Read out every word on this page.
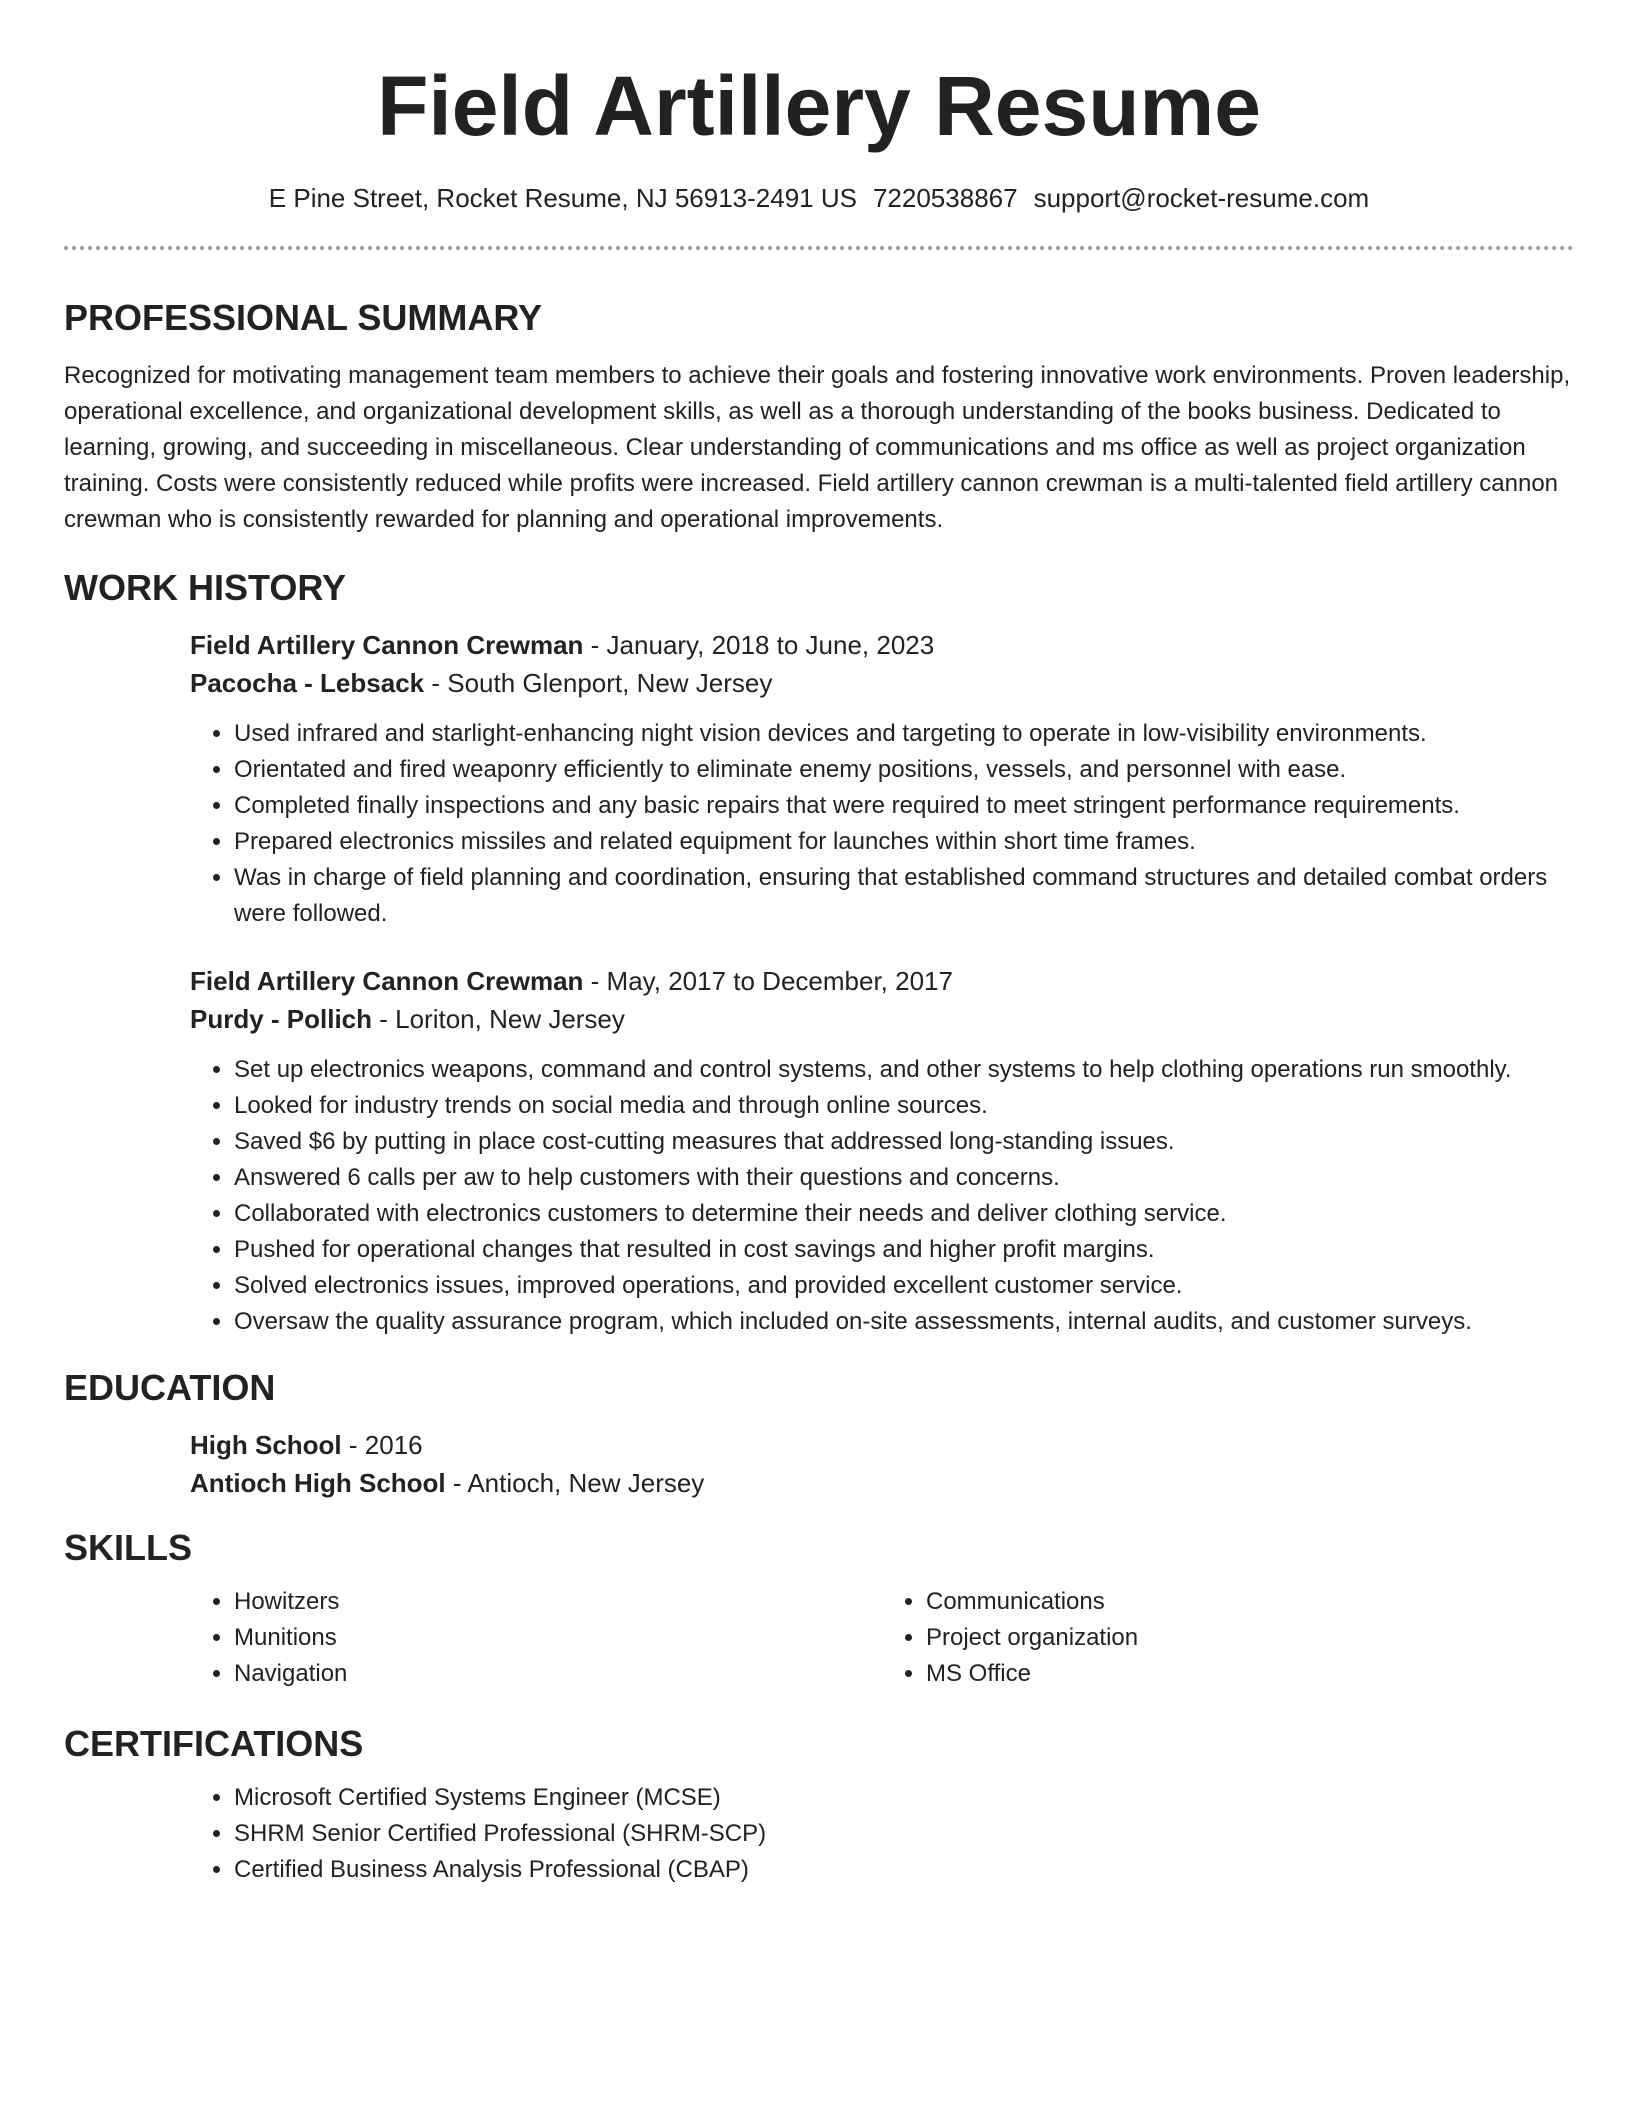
Field Artillery Resume
E Pine Street, Rocket Resume, NJ 56913-2491 US 7220538867 support@rocket-resume.com
PROFESSIONAL SUMMARY

Recognized for motivating management team members to achieve their goals and fostering innovative work environments. Proven leadership, operational excellence, and organizational development skills, as well as a thorough understanding of the books business. Dedicated to learning, growing, and succeeding in miscellaneous. Clear understanding of communications and ms office as well as project organization training. Costs were consistently reduced while profits were increased. Field artillery cannon crewman is a multi-talented field artillery cannon crewman who is consistently rewarded for planning and operational improvements.

WORK HISTORY
Field Artillery Cannon Crewman - January, 2018 to June, 2023
Pacocha - Lebsack - South Glenport, New Jersey
• Used infrared and starlight-enhancing night vision devices and targeting to operate in low-visibility environments.
• Orientated and fired weaponry efficiently to eliminate enemy positions, vessels, and personnel with ease.
• Completed finally inspections and any basic repairs that were required to meet stringent performance requirements.
• Prepared electronics missiles and related equipment for launches within short time frames.
• Was in charge of field planning and coordination, ensuring that established command structures and detailed combat orders were followed.
Field Artillery Cannon Crewman - May, 2017 to December, 2017
Purdy - Pollich - Loriton, New Jersey
• Set up electronics weapons, command and control systems, and other systems to help clothing operations run smoothly.
• Looked for industry trends on social media and through online sources.
• Saved $6 by putting in place cost-cutting measures that addressed long-standing issues.
• Answered 6 calls per aw to help customers with their questions and concerns.
• Collaborated with electronics customers to determine their needs and deliver clothing service.
• Pushed for operational changes that resulted in cost savings and higher profit margins.
• Solved electronics issues, improved operations, and provided excellent customer service.
• Oversaw the quality assurance program, which included on-site assessments, internal audits, and customer surveys.
EDUCATION
High School - 2016
Antioch High School - Antioch, New Jersey
SKILLS
• Howitzers
• Munitions
• Navigation
• Communications
• Project organization
• MS Office
CERTIFICATIONS
• Microsoft Certified Systems Engineer (MCSE)
• SHRM Senior Certified Professional (SHRM-SCP)
• Certified Business Analysis Professional (CBAP)
